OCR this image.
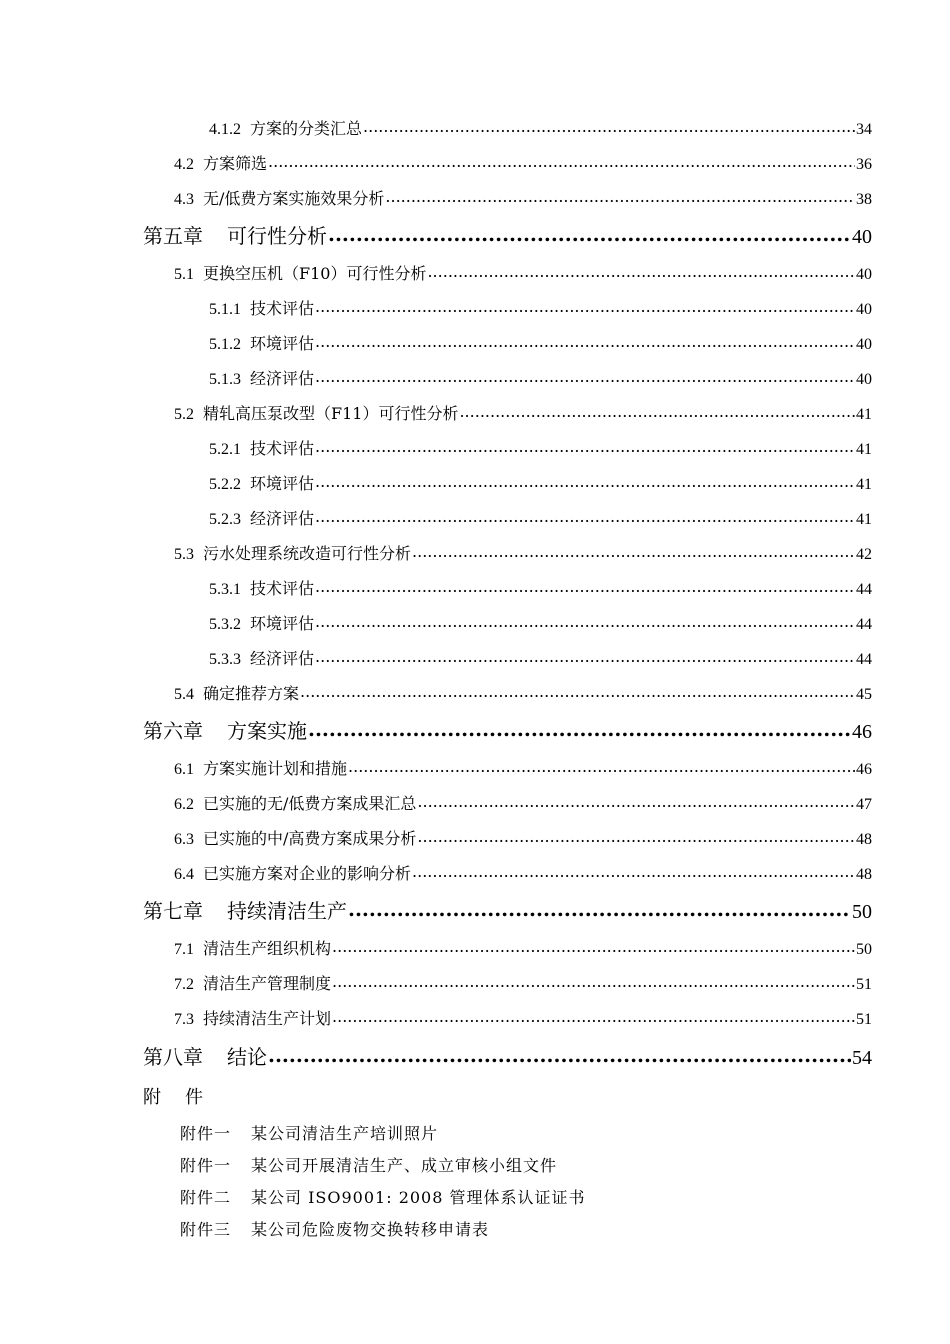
4.1.2 方案的分类汇总 .....	34
4.2 方案筛选 .....	36
4.3 无/低费方案实施效果分析 .....	38
第五章 可行性分析 .....	40
5.1 更换空压机（F10）可行性分析 .....	40
5.1.1 技术评估 .....	40
5.1.2 环境评估 .....	40
5.1.3 经济评估 .....	40
5.2 精轧高压泵改型（F11）可行性分析 .....	41
5.2.1 技术评估 .....	41
5.2.2 环境评估 .....	41
5.2.3 经济评估 .....	41
5.3 污水处理系统改造可行性分析 .....	42
5.3.1 技术评估 .....	44
5.3.2 环境评估 .....	44
5.3.3 经济评估 .....	44
5.4 确定推荐方案 .....	45
第六章 方案实施 .....	46
6.1 方案实施计划和措施 .....	46
6.2 已实施的无/低费方案成果汇总 .....	47
6.3 已实施的中/高费方案成果分析 .....	48
6.4 已实施方案对企业的影响分析 .....	48
第七章 持续清洁生产 .....	50
7.1 清洁生产组织机构 .....	50
7.2 清洁生产管理制度 .....	51
7.3 持续清洁生产计划 .....	51
第八章 结论 .....	54
附件
附件一 某公司清洁生产培训照片
附件一 某公司开展清洁生产、成立审核小组文件
附件二 某公司 ISO9001: 2008 管理体系认证证书
附件三 某公司危险废物交换转移申请表
